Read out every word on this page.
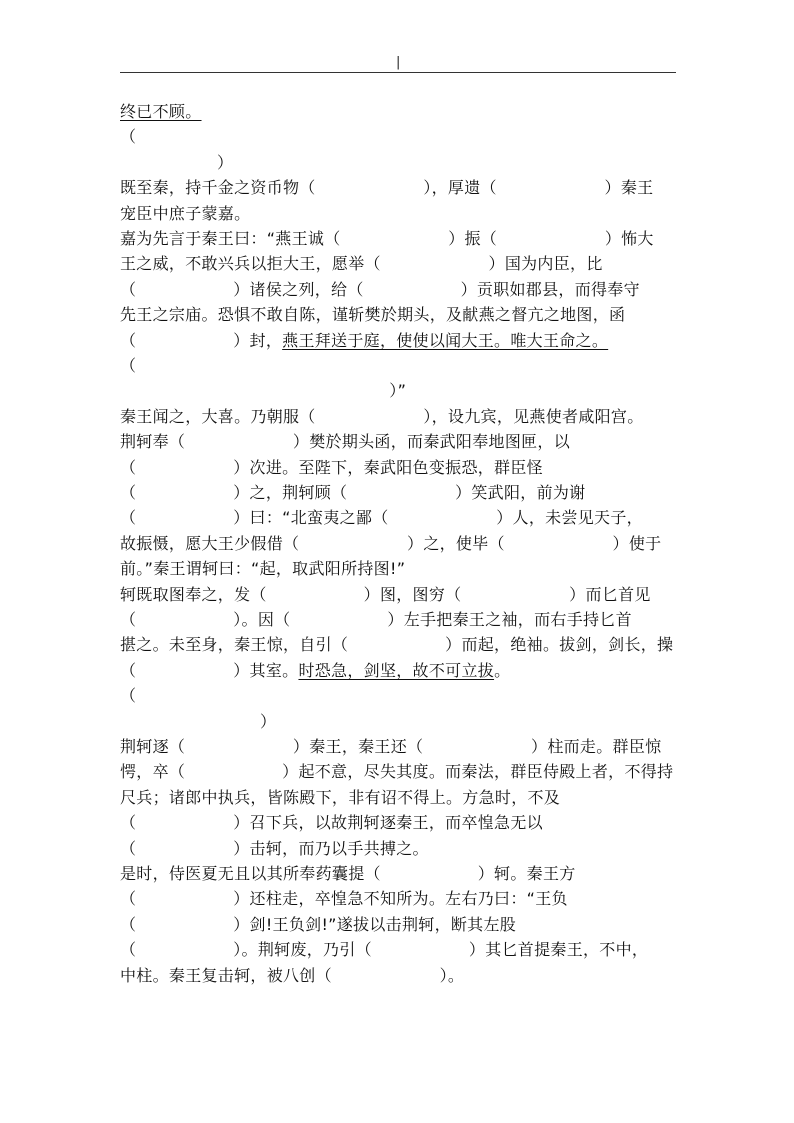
|
终已不顾。
（
）
既至秦，持千金之资币物（                    ），厚遗（                    ）秦王
宠臣中庶子蒙嘉。
嘉为先言于秦王曰：“燕王诚（                    ）振（                    ）怖大
王之威，不敢兴兵以拒大王，愿举（                    ）国为内臣，比
（                  ）诸侯之列，给（                  ）贡职如郡县，而得奉守
先王之宗庙。恐惧不敢自陈，谨斩樊於期头，及献燕之督亢之地图，函
（                  ）封，燕王拜送于庭，使使以闻大王。唯大王命之。
（
）”
秦王闻之，大喜。乃朝服（                    ），设九宾，见燕使者咸阳宫。
荆轲奉（                    ）樊於期头函，而秦武阳奉地图匣，以
（                  ）次进。至陛下，秦武阳色变振恐，群臣怪
（                  ）之，荆轲顾（                    ）笑武阳，前为谢
（                  ）曰：“北蛮夷之鄙（                    ）人，未尝见天子，
故振慑，愿大王少假借（                    ）之，使毕（                    ）使于
前。”秦王谓轲曰：“起，取武阳所持图!”
轲既取图奉之，发（                  ）图，图穷（                    ）而匕首见
（                  ）。因（                  ）左手把秦王之袖，而右手持匕首
揕之。未至身，秦王惊，自引（                  ）而起，绝袖。拔剑，剑长，操
（                  ）其室。时恐急，剑坚，故不可立拔。
（
）
荆轲逐（                    ）秦王，秦王还（                    ）柱而走。群臣惊
愕，卒（                  ）起不意，尽失其度。而秦法，群臣侍殿上者，不得持
尺兵；诸郎中执兵，皆陈殿下，非有诏不得上。方急时，不及
（                  ）召下兵，以故荆轲逐秦王，而卒惶急无以
（                  ）击轲，而乃以手共搏之。
是时，侍医夏无且以其所奉药囊提（                  ）轲。秦王方
（                  ）还柱走，卒惶急不知所为。左右乃曰：“王负
（                  ）剑!王负剑!”遂拔以击荆轲，断其左股
（                  ）。荆轲废，乃引（                  ）其匕首提秦王，不中，
中柱。秦王复击轲，被八创（                    ）。
